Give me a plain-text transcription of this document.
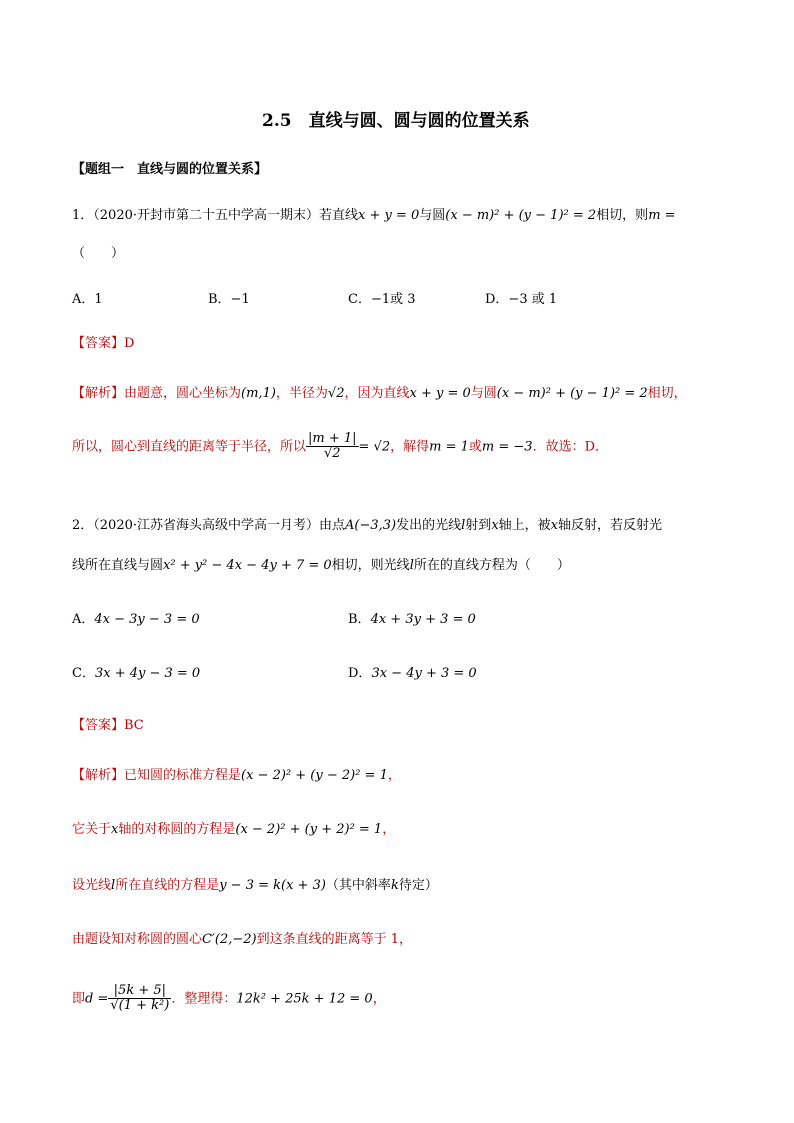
2.5　直线与圆、圆与圆的位置关系
【题组一　直线与圆的位置关系】
1．（2020·开封市第二十五中学高一期末）若直线x + y = 0与圆(x − m)² + (y − 1)² = 2相切，则m =
（　　）
A．1	B．−1	C．−1或 3	D．−3 或 1
【答案】D
【解析】由题意，圆心坐标为(m,1)，半径为√2，因为直线x + y = 0与圆(x − m)² + (y − 1)² = 2相切，
所以，圆心到直线的距离等于半径，所以 $\frac{|m + 1|}{√2} = √2$，解得m = 1或m = −3．故选：D．
2．（2020·江苏省海头高级中学高一月考）由点A(−3,3)发出的光线l射到x轴上，被x轴反射，若反射光
线所在直线与圆x² + y² − 4x − 4y + 7 = 0相切，则光线l所在的直线方程为（　　）
A．4x − 3y − 3 = 0	B．4x + 3y + 3 = 0
C．3x + 4y − 3 = 0	D．3x − 4y + 3 = 0
【答案】BC
【解析】已知圆的标准方程是(x − 2)² + (y − 2)² = 1，
它关于x轴的对称圆的方程是(x − 2)² + (y + 2)² = 1，
设光线l所在直线的方程是y − 3 = k(x + 3)（其中斜率k待定）
由题设知对称圆的圆心C′(2,−2)到这条直线的距离等于 1，
即$d = \frac{|5k + 5|}{\text{√(1 + k²)}}$ ．整理得：12k² + 25k + 12 = 0，
